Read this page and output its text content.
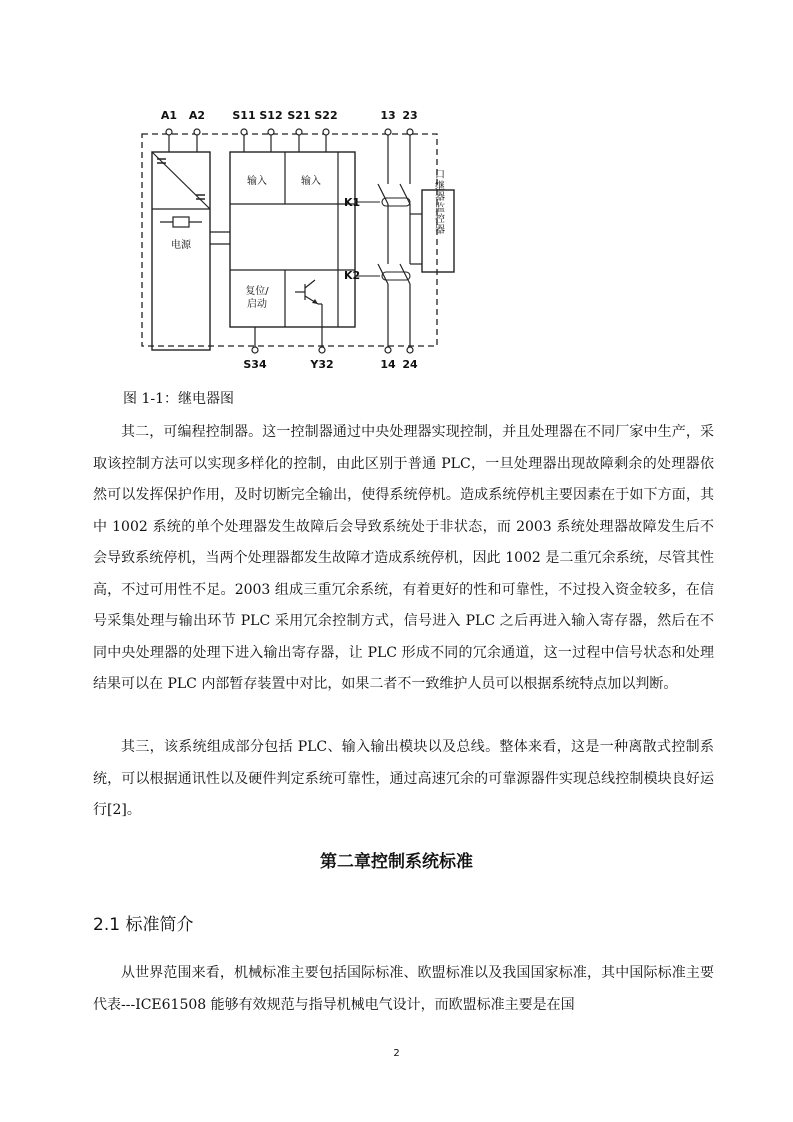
A1 A2 S11 S12 S21 S22	13 23
电源
输入	输入
复位/
启动
K1
K2
口继器监控器
S34	Y32	14 24
图 1-1：继电器图

其二，可编程控制器。这一控制器通过中央处理器实现控制，并且处理器在不同厂家中生产，采取该控制方法可以实现多样化的控制，由此区别于普通 PLC，一旦处理器出现故障剩余的处理器依然可以发挥保护作用，及时切断完全输出，使得系统停机。造成系统停机主要因素在于如下方面，其中 1002 系统的单个处理器发生故障后会导致系统处于非状态，而 2003 系统处理器故障发生后不会导致系统停机，当两个处理器都发生故障才造成系统停机，因此 1002 是二重冗余系统，尽管其性高，不过可用性不足。2003 组成三重冗余系统，有着更好的性和可靠性，不过投入资金较多，在信号采集处理与输出环节 PLC 采用冗余控制方式，信号进入 PLC 之后再进入输入寄存器，然后在不同中央处理器的处理下进入输出寄存器，让 PLC 形成不同的冗余通道，这一过程中信号状态和处理结果可以在 PLC 内部暂存装置中对比，如果二者不一致维护人员可以根据系统特点加以判断。

其三，该系统组成部分包括 PLC、输入输出模块以及总线。整体来看，这是一种离散式控制系统，可以根据通讯性以及硬件判定系统可靠性，通过高速冗余的可靠源器件实现总线控制模块良好运行[2]。

第二章控制系统标准
2.1 标准简介

从世界范围来看，机械标准主要包括国际标准、欧盟标准以及我国国家标准，其中国际标准主要代表---ICE61508 能够有效规范与指导机械电气设计，而欧盟标准主要是在国

2
